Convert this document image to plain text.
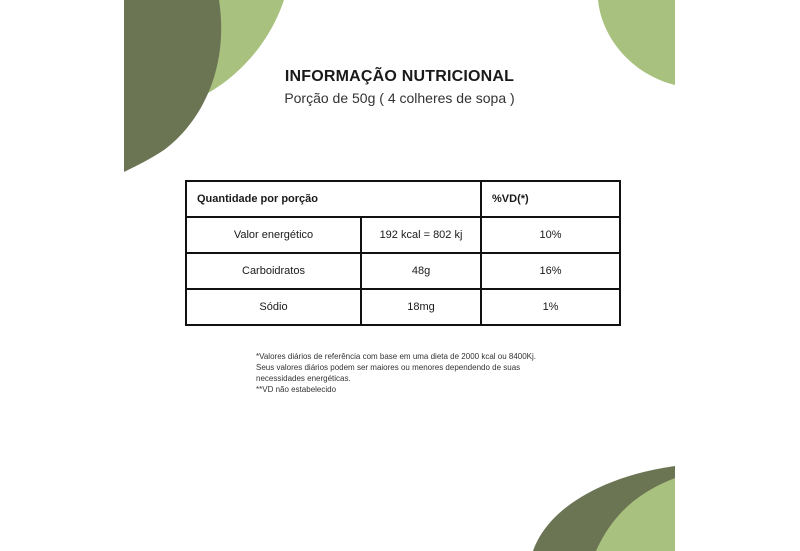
INFORMAÇÃO NUTRICIONAL
Porção de 50g ( 4 colheres de sopa )
Quantidade por porção		%VD(*)
Valor energético	192 kcal = 802 kj	10%
Carboidratos	48g	16%
Sódio	18mg	1%
*Valores diários de referência com base em uma dieta de 2000 kcal ou 8400Kj.
Seus valores diários podem ser maiores ou menores dependendo de suas
necessidades energéticas.
**VD não estabelecido
